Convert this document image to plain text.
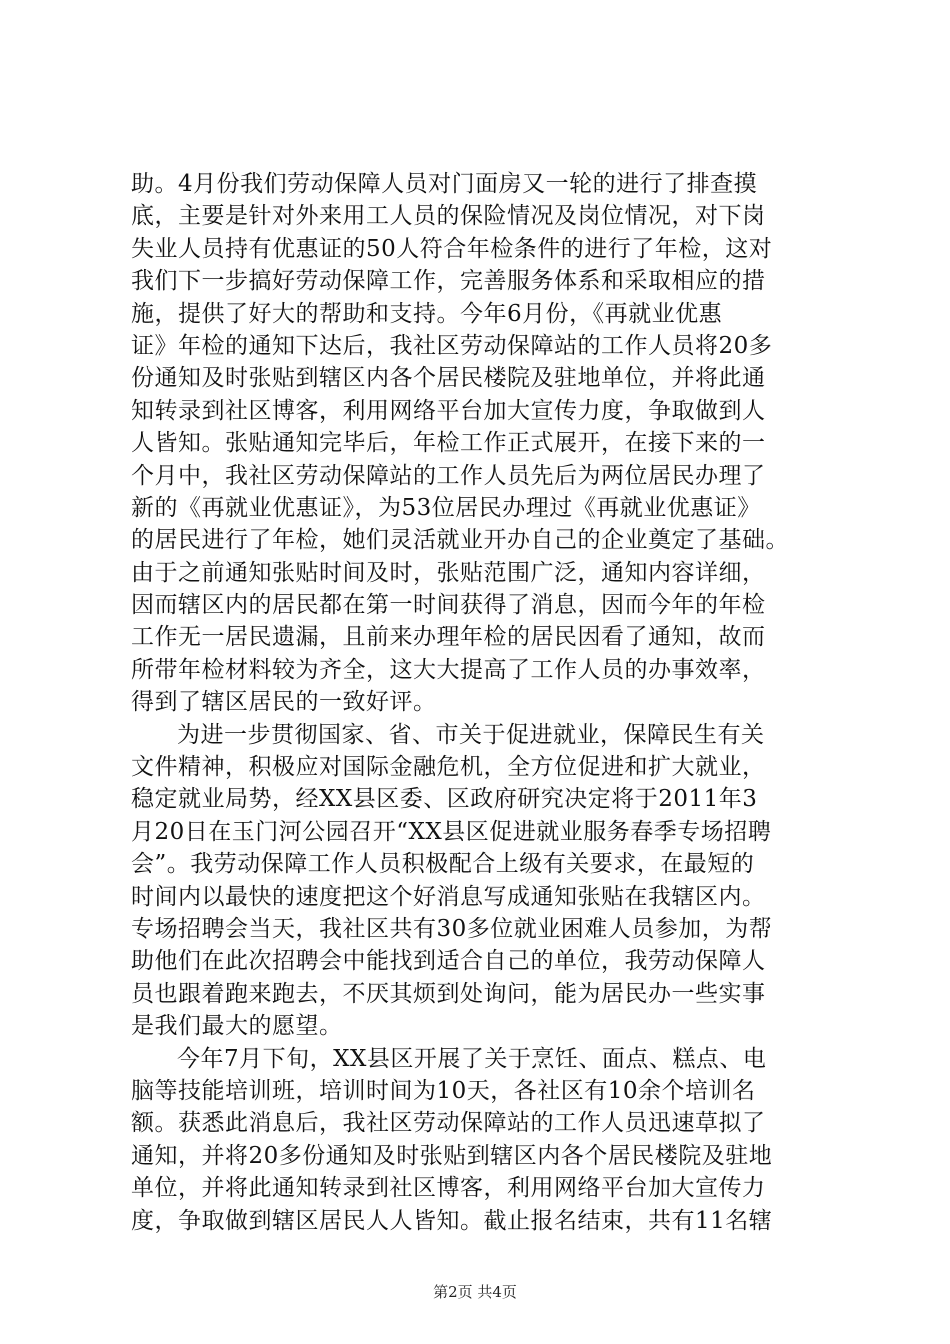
助。4月份我们劳动保障人员对门面房又一轮的进行了排查摸
底，主要是针对外来用工人员的保险情况及岗位情况，对下岗
失业人员持有优惠证的50人符合年检条件的进行了年检，这对
我们下一步搞好劳动保障工作，完善服务体系和采取相应的措
施，提供了好大的帮助和支持。今年6月份，《再就业优惠
证》年检的通知下达后，我社区劳动保障站的工作人员将20多
份通知及时张贴到辖区内各个居民楼院及驻地单位，并将此通
知转录到社区博客，利用网络平台加大宣传力度，争取做到人
人皆知。张贴通知完毕后，年检工作正式展开，在接下来的一
个月中，我社区劳动保障站的工作人员先后为两位居民办理了
新的《再就业优惠证》，为53位居民办理过《再就业优惠证》
的居民进行了年检，她们灵活就业开办自己的企业奠定了基础。
由于之前通知张贴时间及时，张贴范围广泛，通知内容详细，
因而辖区内的居民都在第一时间获得了消息，因而今年的年检
工作无一居民遗漏，且前来办理年检的居民因看了通知，故而
所带年检材料较为齐全，这大大提高了工作人员的办事效率，
得到了辖区居民的一致好评。
为进一步贯彻国家、省、市关于促进就业，保障民生有关
文件精神，积极应对国际金融危机，全方位促进和扩大就业，
稳定就业局势，经XX县区委、区政府研究决定将于2011年3
月20日在玉门河公园召开“XX县区促进就业服务春季专场招聘
会”。我劳动保障工作人员积极配合上级有关要求，在最短的
时间内以最快的速度把这个好消息写成通知张贴在我辖区内。
专场招聘会当天，我社区共有30多位就业困难人员参加，为帮
助他们在此次招聘会中能找到适合自己的单位，我劳动保障人
员也跟着跑来跑去，不厌其烦到处询问，能为居民办一些实事
是我们最大的愿望。
今年7月下旬，XX县区开展了关于烹饪、面点、糕点、电
脑等技能培训班，培训时间为10天，各社区有10余个培训名
额。获悉此消息后，我社区劳动保障站的工作人员迅速草拟了
通知，并将20多份通知及时张贴到辖区内各个居民楼院及驻地
单位，并将此通知转录到社区博客，利用网络平台加大宣传力
度，争取做到辖区居民人人皆知。截止报名结束，共有11名辖
第2页 共4页
